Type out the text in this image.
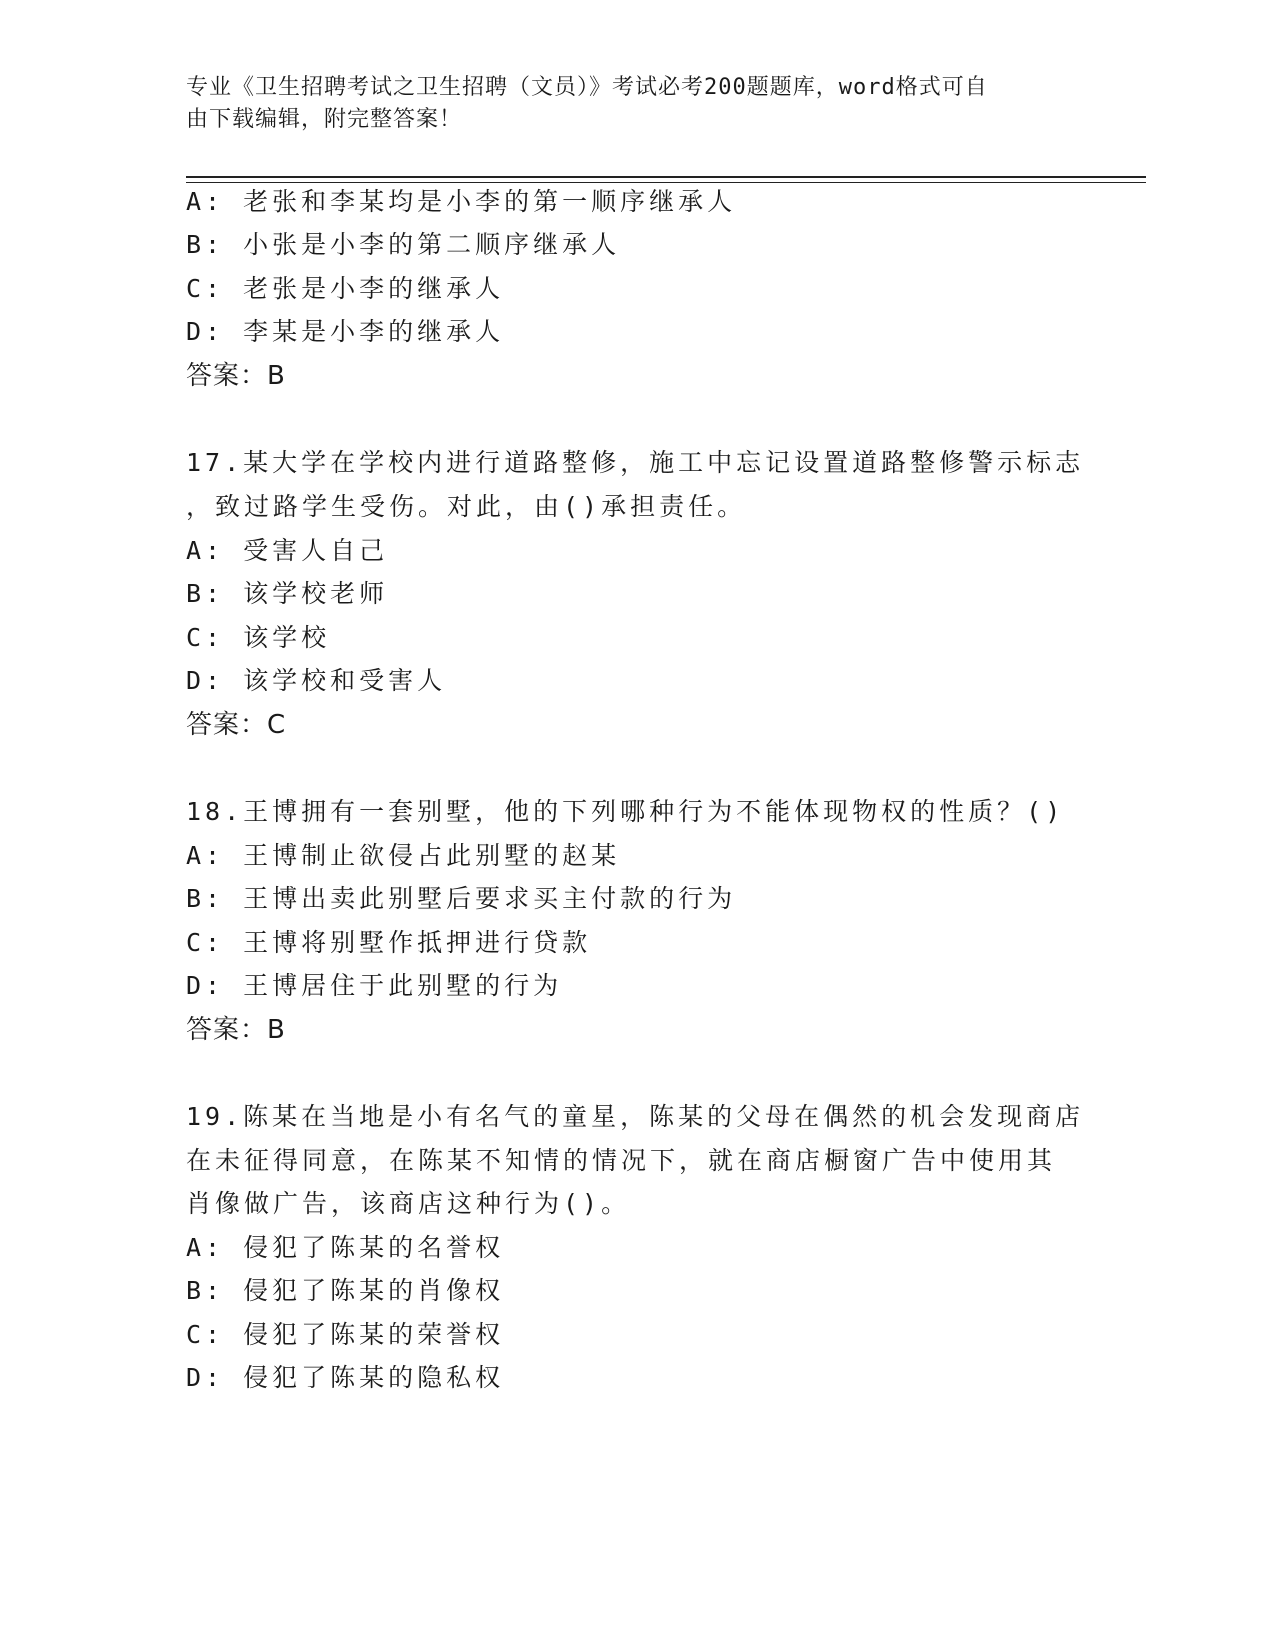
专业《卫生招聘考试之卫生招聘（文员）》考试必考200题题库，word格式可自
由下载编辑，附完整答案！
A: 老张和李某均是小李的第一顺序继承人
B: 小张是小李的第二顺序继承人
C: 老张是小李的继承人
D: 李某是小李的继承人
答案：B
17.某大学在学校内进行道路整修，施工中忘记设置道路整修警示标志
，致过路学生受伤。对此，由()承担责任。
A: 受害人自己
B: 该学校老师
C: 该学校
D: 该学校和受害人
答案：C
18.王博拥有一套别墅，他的下列哪种行为不能体现物权的性质？()
A: 王博制止欲侵占此别墅的赵某
B: 王博出卖此别墅后要求买主付款的行为
C: 王博将别墅作抵押进行贷款
D: 王博居住于此别墅的行为
答案：B
19.陈某在当地是小有名气的童星，陈某的父母在偶然的机会发现商店
在未征得同意，在陈某不知情的情况下，就在商店橱窗广告中使用其
肖像做广告，该商店这种行为()。
A: 侵犯了陈某的名誉权
B: 侵犯了陈某的肖像权
C: 侵犯了陈某的荣誉权
D: 侵犯了陈某的隐私权
